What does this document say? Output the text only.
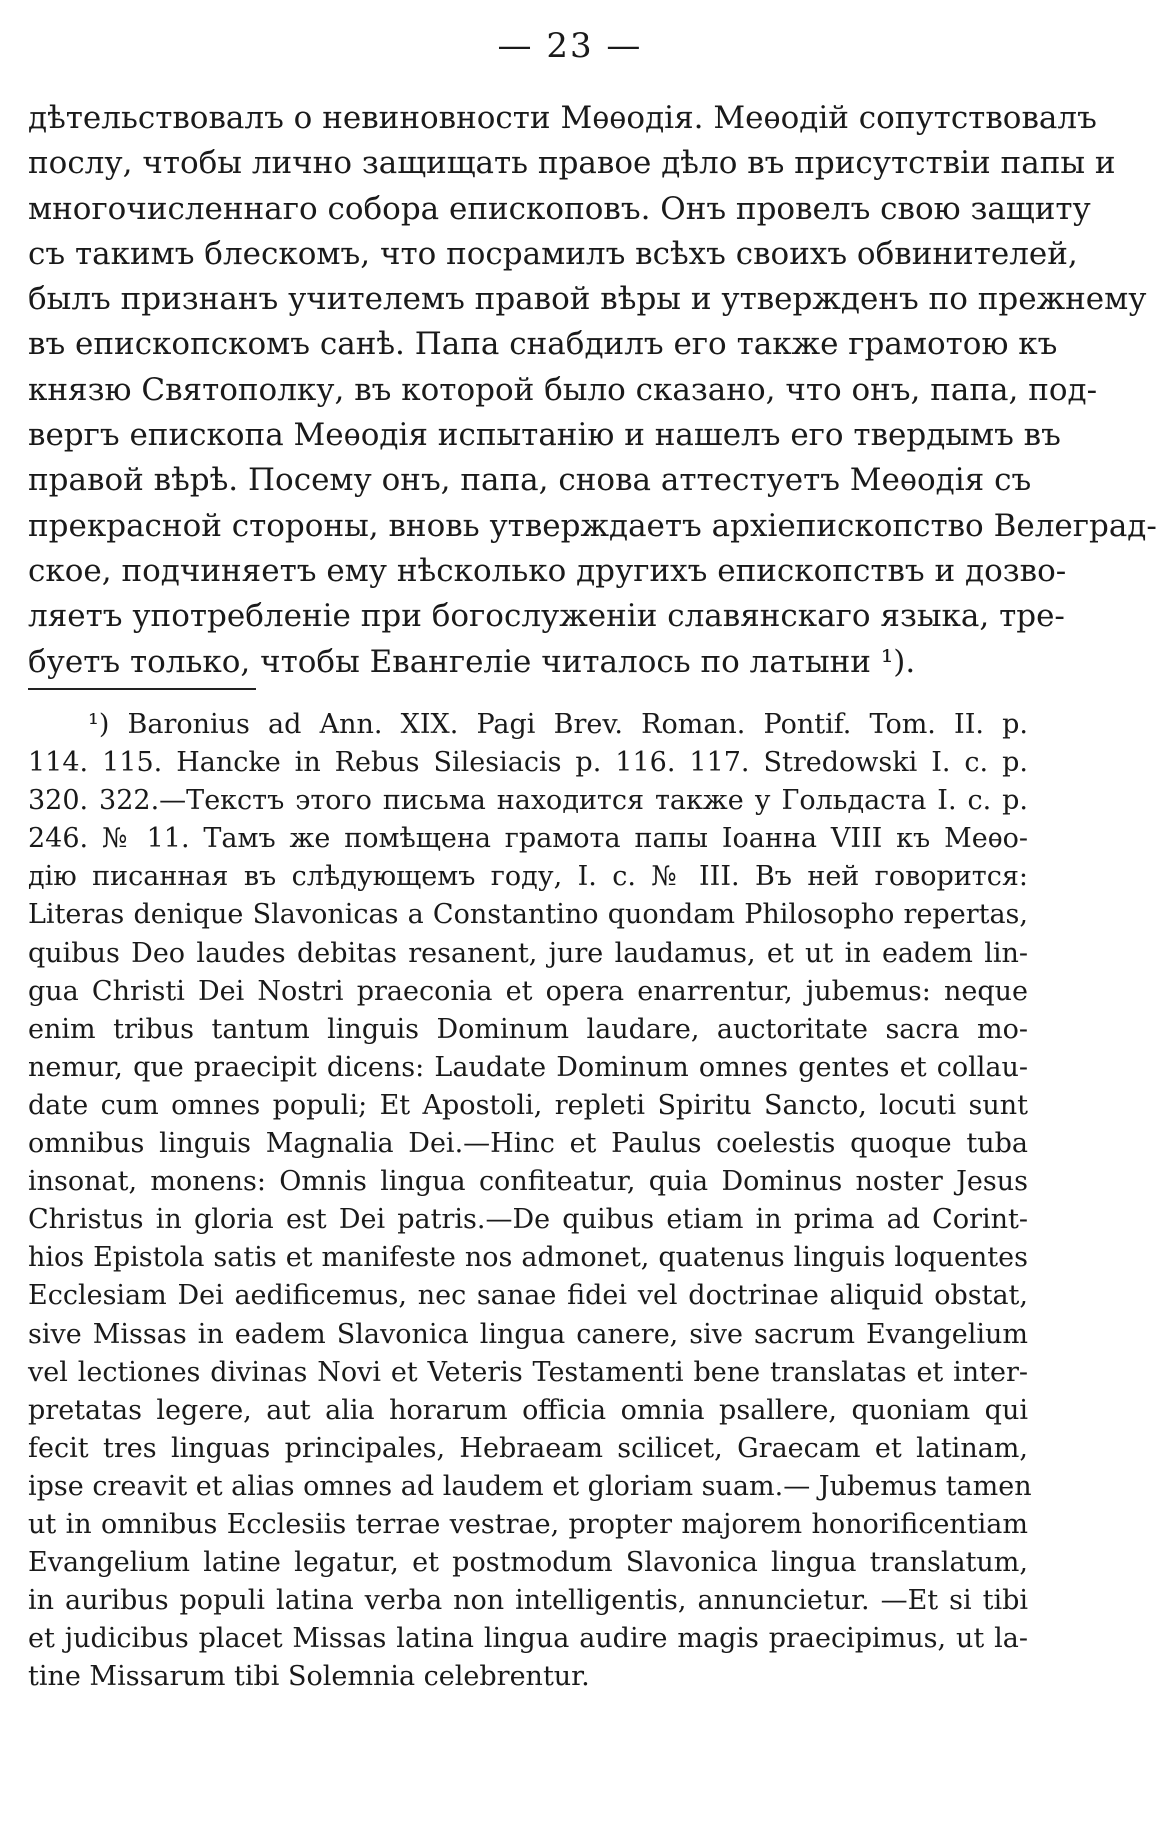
— 23 —
дѣтельствовалъ о невиновности Мѳѳодія. Меѳодій сопутствовалъ
послу, чтобы лично защищать правое дѣло въ присутствіи папы и
многочисленнаго собора епископовъ. Онъ провелъ свою защиту
съ такимъ блескомъ, что посрамилъ всѣхъ своихъ обвинителей,
былъ признанъ учителемъ правой вѣры и утвержденъ по прежнему
въ епископскомъ санѣ. Папа снабдилъ его также грамотою къ
князю Святополку, въ которой было сказано, что онъ, папа, под-
вергъ епископа Меѳодія испытанію и нашелъ его твердымъ въ
правой вѣрѣ. Посему онъ, папа, снова аттестуетъ Меѳодія съ
прекрасной стороны, вновь утверждаетъ архіепископство Велеград-
ское, подчиняетъ ему нѣсколько другихъ епископствъ и дозво-
ляетъ употребленіе при богослуженіи славянскаго языка, тре-
буетъ только, чтобы Евангеліе читалось по латыни ¹).
¹) Baronius ad Ann. XIX. Pagi Brev. Roman. Pontif. Tom. II. p.
114. 115. Hancke in Rebus Silesiacis p. 116. 117. Stredowski I. c. p.
320. 322.—Текстъ этого письма находится также у Гольдаста I. c. p.
246. № 11. Тамъ же помѣщена грамота папы Іоанна VIII къ Меѳо-
дію писанная въ слѣдующемъ году, I. c. № III. Въ ней говорится:
Literas denique Slavonicas a Constantino quondam Philosopho repertas,
quibus Deo laudes debitas resanent, jure laudamus, et ut in eadem lin-
gua Christi Dei Nostri praeconia et opera enarrentur, jubemus: neque
enim tribus tantum linguis Dominum laudare, auctoritate sacra mo-
nemur, que praecipit dicens: Laudate Dominum omnes gentes et collau-
date cum omnes populi; Et Apostoli, repleti Spiritu Sancto, locuti sunt
omnibus linguis Magnalia Dei.—Hinc et Paulus coelestis quoque tuba
insonat, monens: Omnis lingua confiteatur, quia Dominus noster Jesus
Christus in gloria est Dei patris.—De quibus etiam in prima ad Corint-
hios Epistola satis et manifeste nos admonet, quatenus linguis loquentes
Ecclesiam Dei aedificemus, nec sanae fidei vel doctrinae aliquid obstat,
sive Missas in eadem Slavonica lingua canere, sive sacrum Evangelium
vel lectiones divinas Novi et Veteris Testamenti bene translatas et inter-
pretatas legere, aut alia horarum officia omnia psallere, quoniam qui
fecit tres linguas principales, Hebraeam scilicet, Graecam et latinam,
ipse creavit et alias omnes ad laudem et gloriam suam.— Jubemus tamen
ut in omnibus Ecclesiis terrae vestrae, propter majorem honorificentiam
Evangelium latine legatur, et postmodum Slavonica lingua translatum,
in auribus populi latina verba non intelligentis, annuncietur. —Et si tibi
et judicibus placet Missas latina lingua audire magis praecipimus, ut la-
tine Missarum tibi Solemnia celebrentur.
